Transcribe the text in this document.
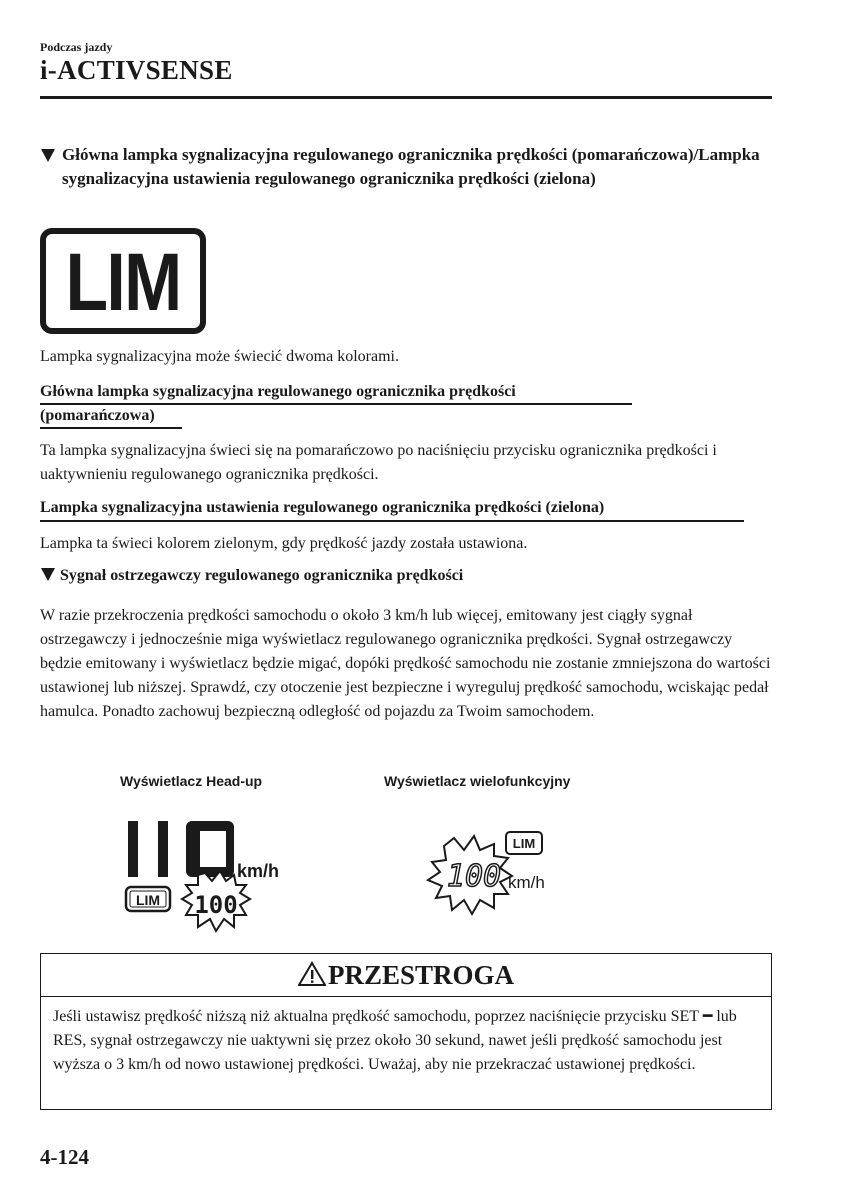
Podczas jazdy
i-ACTIVSENSE
Główna lampka sygnalizacyjna regulowanego ogranicznika prędkości (pomarańczowa)/Lampka sygnalizacyjna ustawienia regulowanego ogranicznika prędkości (zielona)
LIM
Lampka sygnalizacyjna może świecić dwoma kolorami.
Główna lampka sygnalizacyjna regulowanego ogranicznika prędkości
(pomarańczowa)
Ta lampka sygnalizacyjna świeci się na pomarańczowo po naciśnięciu przycisku ogranicznika prędkości i uaktywnieniu regulowanego ogranicznika prędkości.
Lampka sygnalizacyjna ustawienia regulowanego ogranicznika prędkości (zielona)
Lampka ta świeci kolorem zielonym, gdy prędkość jazdy została ustawiona.
Sygnał ostrzegawczy regulowanego ogranicznika prędkości
W razie przekroczenia prędkości samochodu o około 3 km/h lub więcej, emitowany jest ciągły sygnał ostrzegawczy i jednocześnie miga wyświetlacz regulowanego ogranicznika prędkości. Sygnał ostrzegawczy będzie emitowany i wyświetlacz będzie migać, dopóki prędkość samochodu nie zostanie zmniejszona do wartości ustawionej lub niższej. Sprawdź, czy otoczenie jest bezpieczne i wyreguluj prędkość samochodu, wciskając pedał hamulca. Ponadto zachowuj bezpieczną odległość od pojazdu za Twoim samochodem.
Wyświetlacz Head-up	Wyświetlacz wielofunkcyjny
km/h
LIM 100
LIM
100 km/h
PRZESTROGA
Jeśli ustawisz prędkość niższą niż aktualna prędkość samochodu, poprzez naciśnięcie przycisku SET ━ lub RES, sygnał ostrzegawczy nie uaktywni się przez około 30 sekund, nawet jeśli prędkość samochodu jest wyższa o 3 km/h od nowo ustawionej prędkości. Uważaj, aby nie przekraczać ustawionej prędkości.
4-124
